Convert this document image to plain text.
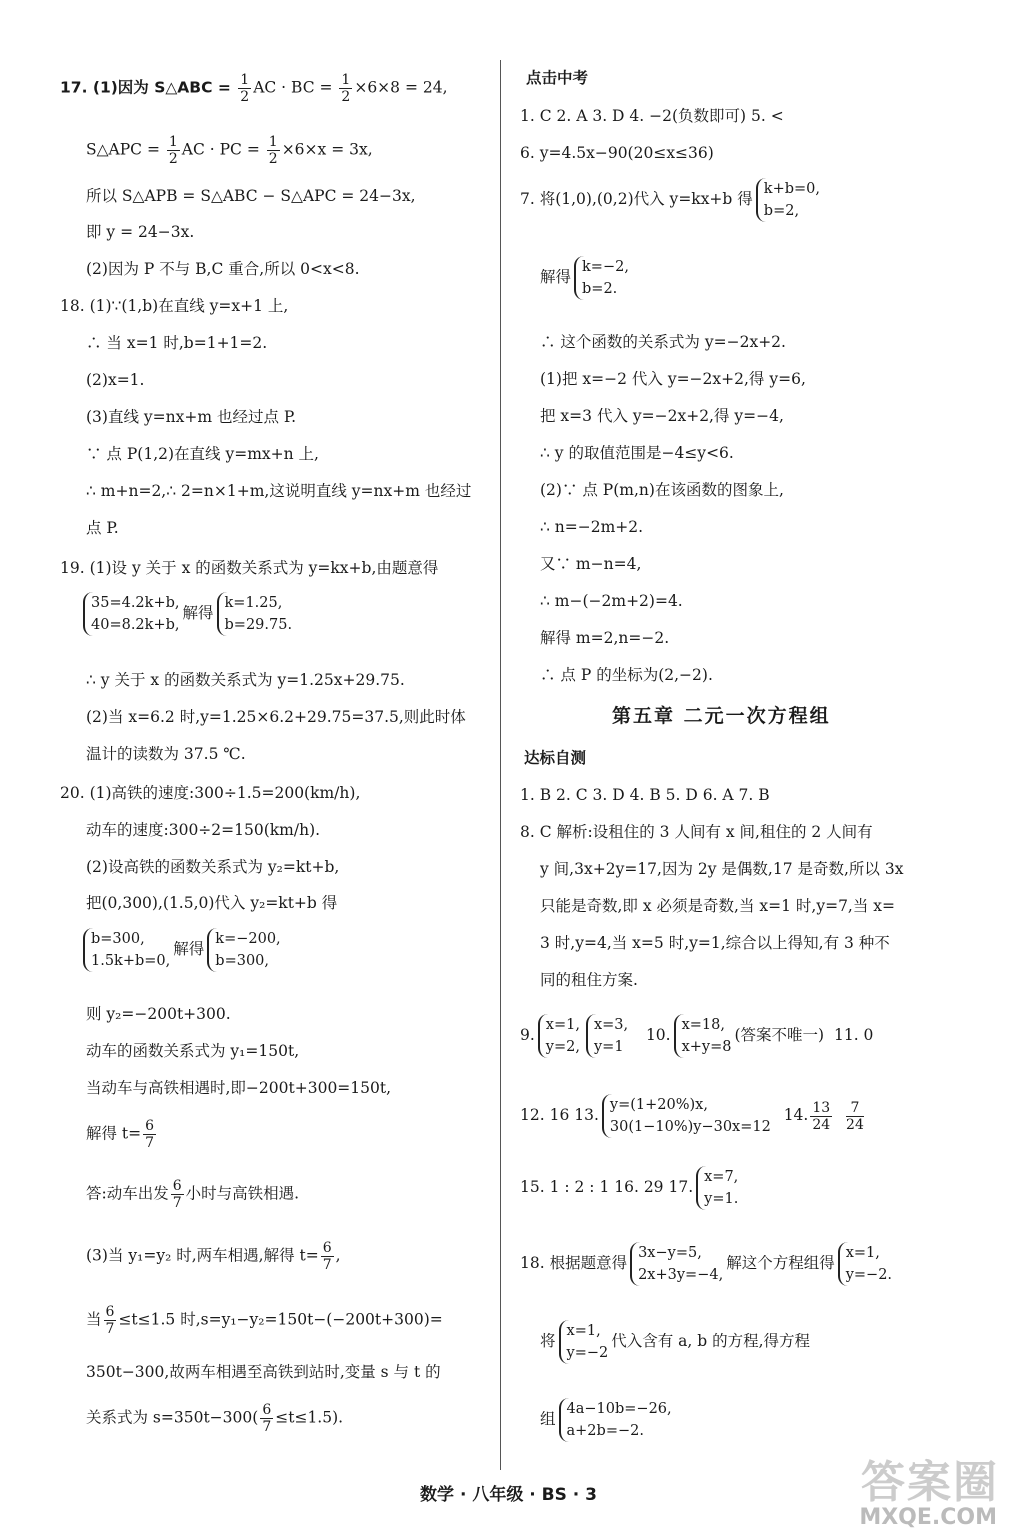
17. (1)因为 S△ABC = $\frac{1}{2}$ AC · BC = $\frac{1}{2} \times 6\times 8 = 24$,
S△APC = $\frac{1}{2}$ AC · PC = $\frac{1}{2} \times 6\times x = 3x$,
所以 S△APB = S△ABC − S△APC = 24−3x,
即 y = 24−3x.
(2)因为 P 不与 B,C 重合,所以 0<x<8.
18. (1)∵(1,b)在直线 y=x+1 上,
∴ 当 x=1 时,b=1+1=2.
(2)x=1.
(3)直线 y=nx+m 也经过点 P.
∵ 点 P(1,2)在直线 y=mx+n 上,
∴ m+n=2,∴ 2=n×1+m,这说明直线 y=nx+m 也经过
点 P.
19. (1)设 y 关于 x 的函数关系式为 y=kx+b,由题意得
35=4.2k+b,
40=8.2k+b,
解得
k=1.25,
b=29.75.
∴ y 关于 x 的函数关系式为 y=1.25x+29.75.
(2)当 x=6.2 时,y=1.25×6.2+29.75=37.5,则此时体
温计的读数为 37.5 ℃.
20. (1)高铁的速度:300÷1.5=200(km/h),
动车的速度:300÷2=150(km/h).
(2)设高铁的函数关系式为 y₂=kt+b,
把(0,300),(1.5,0)代入 y₂=kt+b 得
b=300,
1.5k+b=0,
解得
k=−200,
b=300,
则 y₂=−200t+300.
动车的函数关系式为 y₁=150t,
当动车与高铁相遇时,即−200t+300=150t,
解得 $t= \frac{6}{7}$
答:动车出发 $\frac{6}{7}$ 小时与高铁相遇.
(3)当 y₁=y₂ 时,两车相遇,解得 $t= \frac{6}{7}$ ,
当 $\frac{6}{7} \le t\le 1.5$ 时,s=y₁−y₂=150t−(−200t+300)=
350t−300,故两车相遇至高铁到站时,变量 s 与 t 的
关系式为 $s=350t-300( \frac{6}{7} \le t\le 1.5)$.
点击中考
1. C 2. A 3. D 4. −2(负数即可) 5. <
6. y=4.5x−90(20≤x≤36)
7. 将(1,0),(0,2)代入 y=kx+b 得
k+b=0,
b=2,
解得
k=−2,
b=2.
∴ 这个函数的关系式为 y=−2x+2.
(1)把 x=−2 代入 y=−2x+2,得 y=6,
把 x=3 代入 y=−2x+2,得 y=−4,
∴ y 的取值范围是−4≤y<6.
(2)∵ 点 P(m,n)在该函数的图象上,
∴ n=−2m+2.
又∵ m−n=4,
∴ m−(−2m+2)=4.
解得 m=2,n=−2.
∴ 点 P 的坐标为(2,−2).
第五章 二元一次方程组
达标自测
1. B 2. C 3. D 4. B 5. D 6. A 7. B
8. C 解析:设租住的 3 人间有 x 间,租住的 2 人间有
y 间,3x+2y=17,因为 2y 是偶数,17 是奇数,所以 3x
只能是奇数,即 x 必须是奇数,当 x=1 时,y=7,当 x=
3 时,y=4,当 x=5 时,y=1,综合以上得知,有 3 种不
同的租住方案.
9.
x=1,
y=2,
x=3,
y=1
10.
x=18,
x+y=8
(答案不唯一) 11. 0
12. 16 13.
y=(1+20%)x,
30(1−10%)y−30x=12
14. $\frac{13}{24}$
$\frac{7}{24}$
15. 1 : 2 : 1 16. 29 17.
x=7,
y=1.
18. 根据题意得
3x−y=5,
2x+3y=−4,
解这个方程组得
x=1,
y=−2.
将
x=1,
y=−2
代入含有 a, b 的方程,得方程
组
4a−10b=−26,
a+2b=−2.
数学 · 八年级 · BS · 3	答案圈
MXQE.COM
